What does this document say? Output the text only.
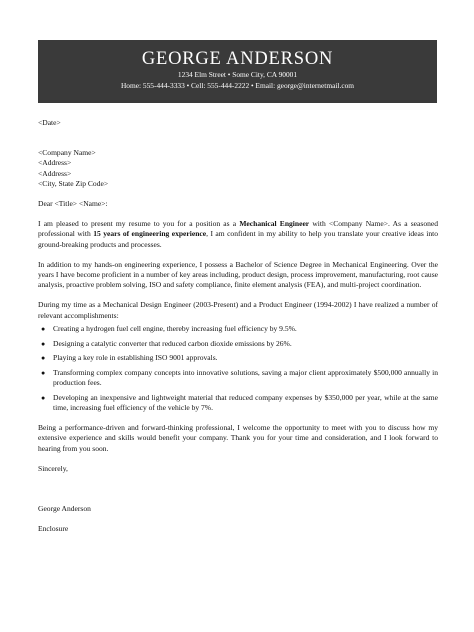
GEORGE ANDERSON
1234 Elm Street • Some City, CA 90001
Home: 555-444-3333 • Cell: 555-444-2222 • Email: george@internetmail.com

<Date>

<Company Name>

<Address>

<Address>

<City, State Zip Code>

Dear <Title> <Name>:

I am pleased to present my resume to you for a position as a Mechanical Engineer with <Company Name>. As a seasoned professional with 15 years of engineering experience, I am confident in my ability to help you translate your creative ideas into ground-breaking products and processes.

In addition to my hands-on engineering experience, I possess a Bachelor of Science Degree in Mechanical Engineering. Over the years I have become proficient in a number of key areas including, product design, process improvement, manufacturing, root cause analysis, proactive problem solving, ISO and safety compliance, finite element analysis (FEA), and multi-project coordination.

During my time as a Mechanical Design Engineer (2003-Present) and a Product Engineer (1994-2002) I have realized a number of relevant accomplishments:

● Creating a hydrogen fuel cell engine, thereby increasing fuel efficiency by 9.5%.
● Designing a catalytic converter that reduced carbon dioxide emissions by 26%.
● Playing a key role in establishing ISO 9001 approvals.
● Transforming complex company concepts into innovative solutions, saving a major client approximately $500,000 annually in production fees.
● Developing an inexpensive and lightweight material that reduced company expenses by $350,000 per year, while at the same time, increasing fuel efficiency of the vehicle by 7%.

Being a performance-driven and forward-thinking professional, I welcome the opportunity to meet with you to discuss how my extensive experience and skills would benefit your company. Thank you for your time and consideration, and I look forward to hearing from you soon.

Sincerely,

George Anderson

Enclosure
